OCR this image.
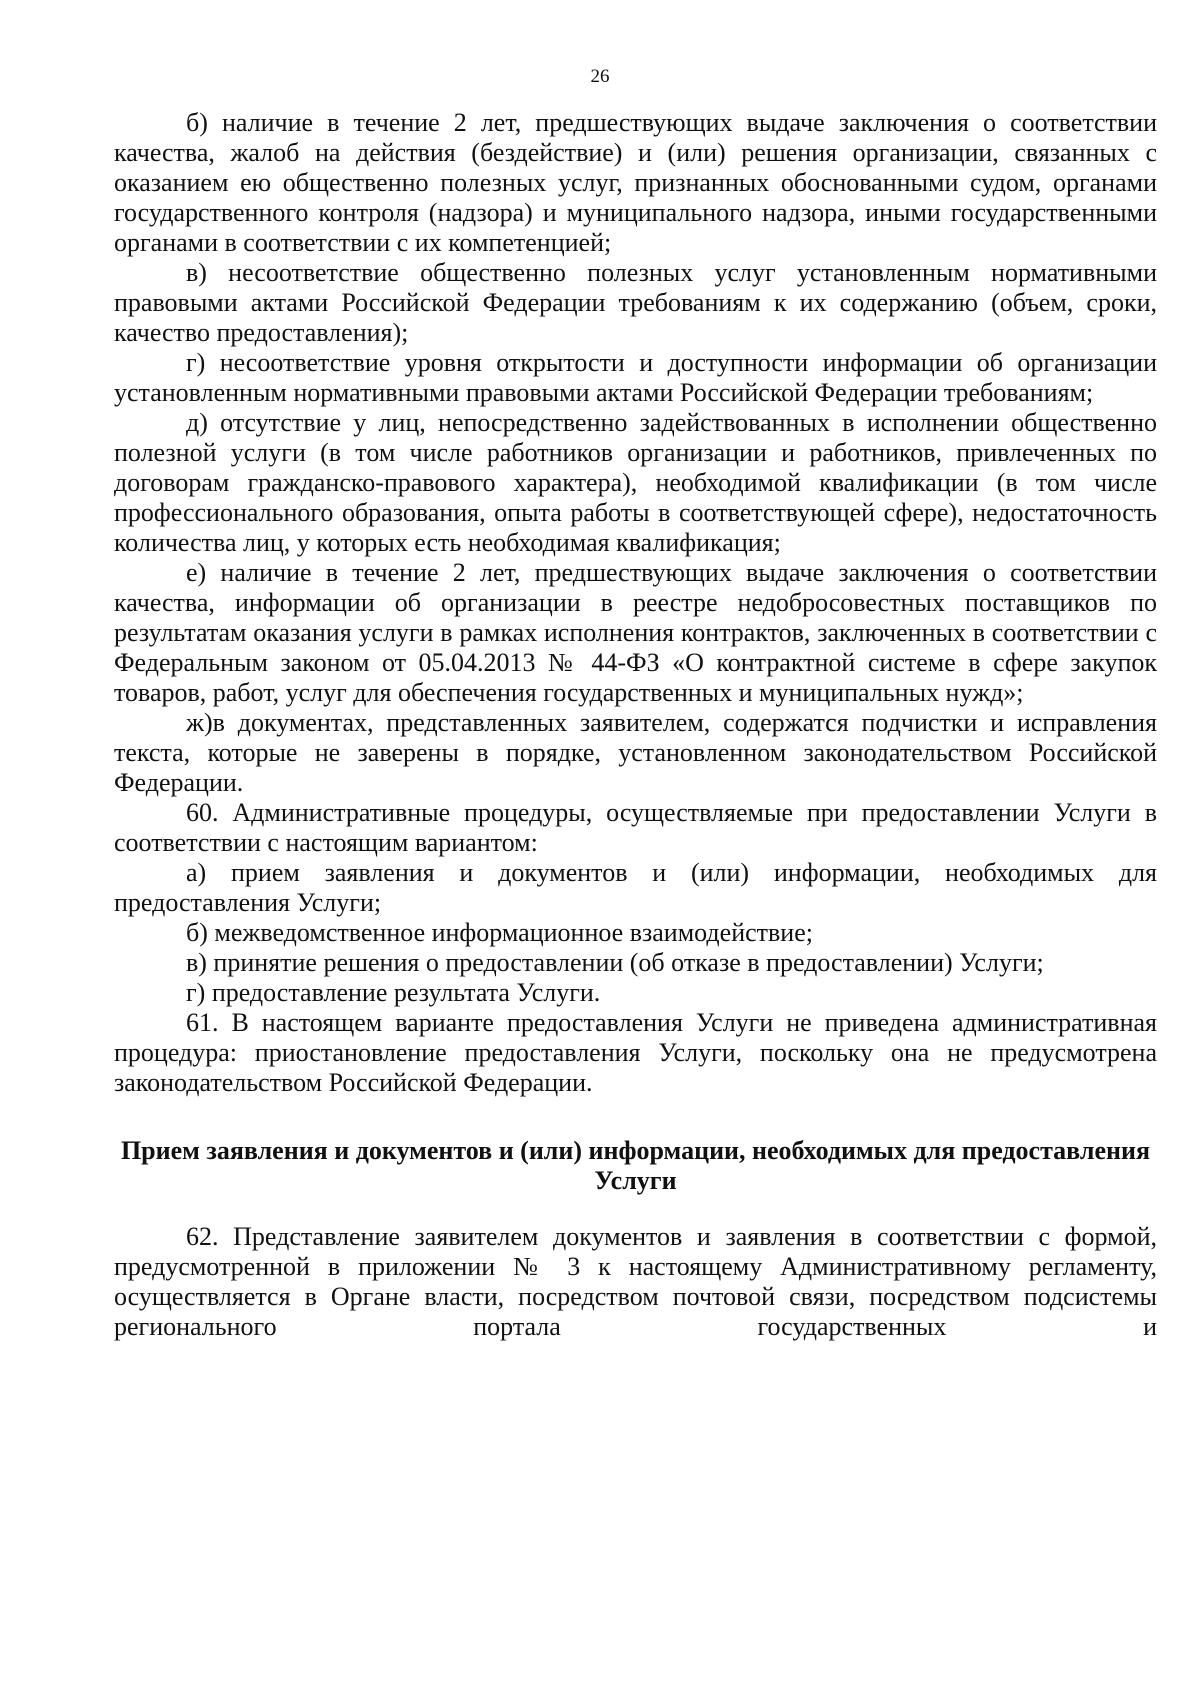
26

б) наличие в течение 2 лет, предшествующих выдаче заключения о соответствии качества, жалоб на действия (бездействие) и (или) решения организации, связанных с оказанием ею общественно полезных услуг, признанных обоснованными судом, органами государственного контроля (надзора) и муниципального надзора, иными государственными органами в соответствии с их компетенцией;

в) несоответствие общественно полезных услуг установленным нормативными правовыми актами Российской Федерации требованиям к их содержанию (объем, сроки, качество предоставления);

г) несоответствие уровня открытости и доступности информации об организации установленным нормативными правовыми актами Российской Федерации требованиям;

д) отсутствие у лиц, непосредственно задействованных в исполнении общественно полезной услуги (в том числе работников организации и работников, привлеченных по договорам гражданско-правового характера), необходимой квалификации (в том числе профессионального образования, опыта работы в соответствующей сфере), недостаточность количества лиц, у которых есть необходимая квалификация;

е) наличие в течение 2 лет, предшествующих выдаче заключения о соответствии качества, информации об организации в реестре недобросовестных поставщиков по результатам оказания услуги в рамках исполнения контрактов, заключенных в соответствии с Федеральным законом от 05.04.2013 № 44-ФЗ «О контрактной системе в сфере закупок товаров, работ, услуг для обеспечения государственных и муниципальных нужд»;

ж)в документах, представленных заявителем, содержатся подчистки и исправления текста, которые не заверены в порядке, установленном законодательством Российской Федерации.

60. Административные процедуры, осуществляемые при предоставлении Услуги в соответствии с настоящим вариантом:

а) прием заявления и документов и (или) информации, необходимых для предоставления Услуги;

б) межведомственное информационное взаимодействие;

в) принятие решения о предоставлении (об отказе в предоставлении) Услуги;

г) предоставление результата Услуги.

61. В настоящем варианте предоставления Услуги не приведена административная процедура: приостановление предоставления Услуги, поскольку она не предусмотрена законодательством Российской Федерации.

Прием заявления и документов и (или) информации, необходимых для предоставления Услуги

62. Представление заявителем документов и заявления в соответствии с формой, предусмотренной в приложении № 3 к настоящему Административному регламенту, осуществляется в Органе власти, посредством почтовой связи, посредством подсистемы регионального портала государственных и
